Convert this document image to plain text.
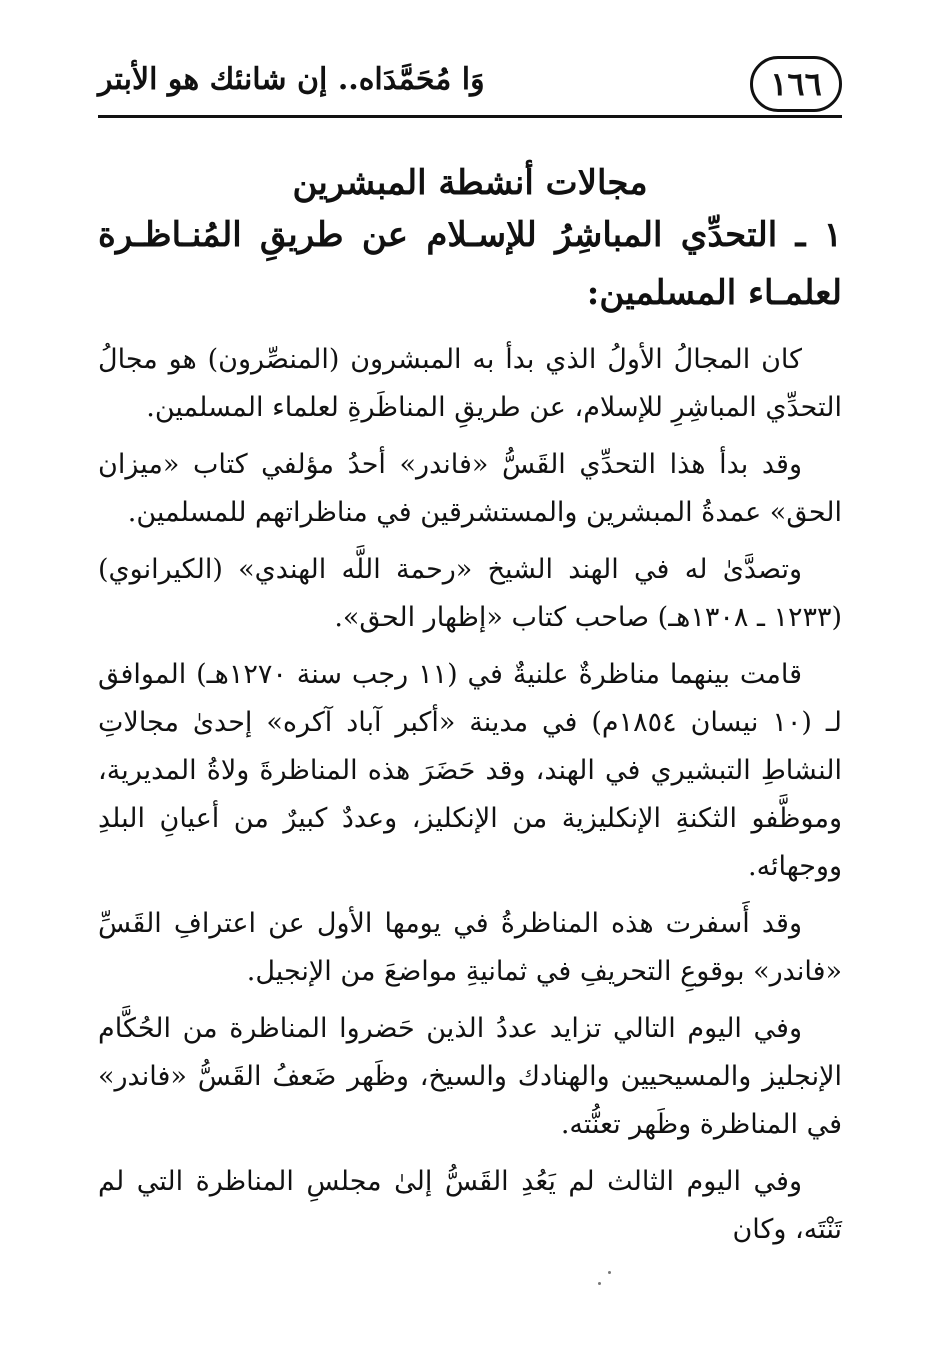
١٦٦
وَا مُحَمَّدَاه.. إن شانئك هو الأبتر
مجالات أنشطة المبشرين
١ ـ التحدِّي المباشِرُ للإسـلام عن طريقِ المُنـاظـرة لعلمـاء المسلمين:

كان المجالُ الأولُ الذي بدأ به المبشرون (المنصِّرون) هو مجالُ التحدِّي المباشِرِ للإسلام، عن طريقِ المناظَرةِ لعلماء المسلمين.

وقد بدأ هذا التحدِّي القَسُّ «فاندر» أحدُ مؤلفي كتاب «ميزان الحق» عمدةُ المبشرين والمستشرقين في مناظراتهم للمسلمين.

وتصدَّىٰ له في الهند الشيخ «رحمة اللَّه الهندي» (الكيرانوي) (١٢٣٣ ـ ١٣٠٨هـ) صاحب كتاب «إظهار الحق».

قامت بينهما مناظرةٌ علنيةٌ في (١١ رجب سنة ١٢٧٠هـ) الموافق لـ (١٠ نيسان ١٨٥٤م) في مدينة «أكبر آباد آكره» إحدىٰ مجالاتِ النشاطِ التبشيري في الهند، وقد حَضَرَ هذه المناظرةَ ولاةُ المديرية، وموظَّفو الثكنةِ الإنكليزية من الإنكليز، وعددٌ كبيرٌ من أعيانِ البلدِ ووجهائه.

وقد أَسفرت هذه المناظرةُ في يومها الأول عن اعترافِ القَسِّ «فاندر» بوقوعِ التحريفِ في ثمانيةِ مواضعَ من الإنجيل.

وفي اليوم التالي تزايد عددُ الذين حَضروا المناظرة من الحُكَّام الإنجليز والمسيحيين والهنادك والسيخ، وظَهر ضَعفُ القَسُّ «فاندر» في المناظرة وظَهر تعنُّته.

وفي اليوم الثالث لم يَعُدِ القَسُّ إلىٰ مجلسِ المناظرة التي لم تَنْتَه، وكان
